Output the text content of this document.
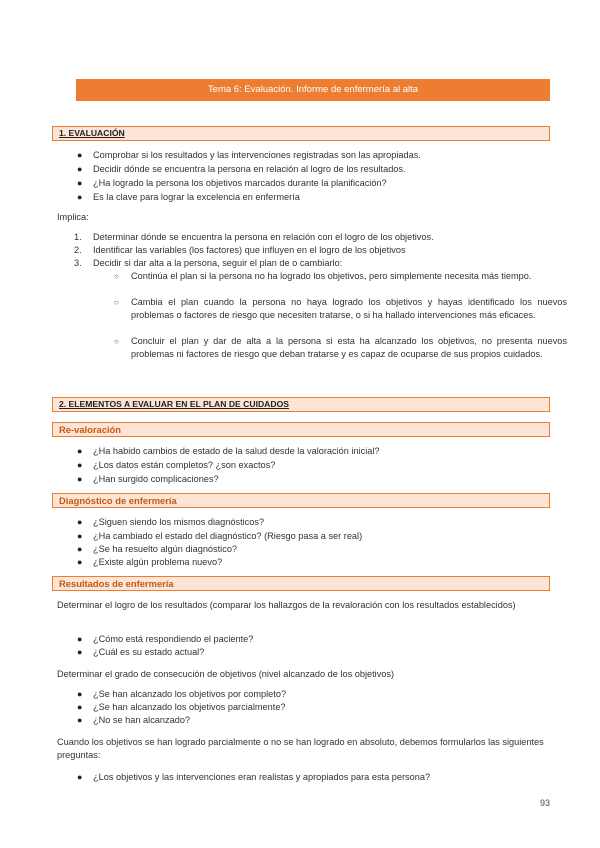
Tema 6: Evaluación. Informe de enfermería al alta
1. EVALUACIÓN
● Comprobar si los resultados y las intervenciones registradas son las apropiadas.
● Decidir dónde se encuentra la persona en relación al logro de los resultados.
● ¿Ha logrado la persona los objetivos marcados durante la planificación?
● Es la clave para lograr la excelencia en enfermería
Implica:
1. Determinar dónde se encuentra la persona en relación con el logro de los objetivos.
2. Identificar las variables (los factores) que influyen en el logro de los objetivos
3. Decidir si dar alta a la persona, seguir el plan de o cambiarlo:
○ Continúa el plan si la persona no ha logrado los objetivos, pero simplemente necesita más tiempo.
○ Cambia el plan cuando la persona no haya logrado los objetivos y hayas identificado los nuevos problemas o factores de riesgo que necesiten tratarse, o si ha hallado intervenciones más eficaces.
○ Concluir el plan y dar de alta a la persona si esta ha alcanzado los objetivos, no presenta nuevos problemas ni factores de riesgo que deban tratarse y es capaz de ocuparse de sus propios cuidados.
2. ELEMENTOS A EVALUAR EN EL PLAN DE CUIDADOS
Re-valoración
● ¿Ha habido cambios de estado de la salud desde la valoración inicial?
● ¿Los datos están completos? ¿son exactos?
● ¿Han surgido complicaciones?
Diagnóstico de enfermería
● ¿Siguen siendo los mismos diagnósticos?
● ¿Ha cambiado el estado del diagnóstico? (Riesgo pasa a ser real)
● ¿Se ha resuelto algún diagnóstico?
● ¿Existe algún problema nuevo?
Resultados de enfermería
Determinar el logro de los resultados (comparar los hallazgos de la revaloración con los resultados establecidos)
● ¿Cómo está respondiendo el paciente?
● ¿Cuál es su estado actual?
Determinar el grado de consecución de objetivos (nivel alcanzado de los objetivos)
● ¿Se han alcanzado los objetivos por completo?
● ¿Se han alcanzado los objetivos parcialmente?
● ¿No se han alcanzado?
Cuando los objetivos se han logrado parcialmente o no se han logrado en absoluto, debemos formularlos las siguientes preguntas:
● ¿Los objetivos y las intervenciones eran realistas y apropiados para esta persona?
93
